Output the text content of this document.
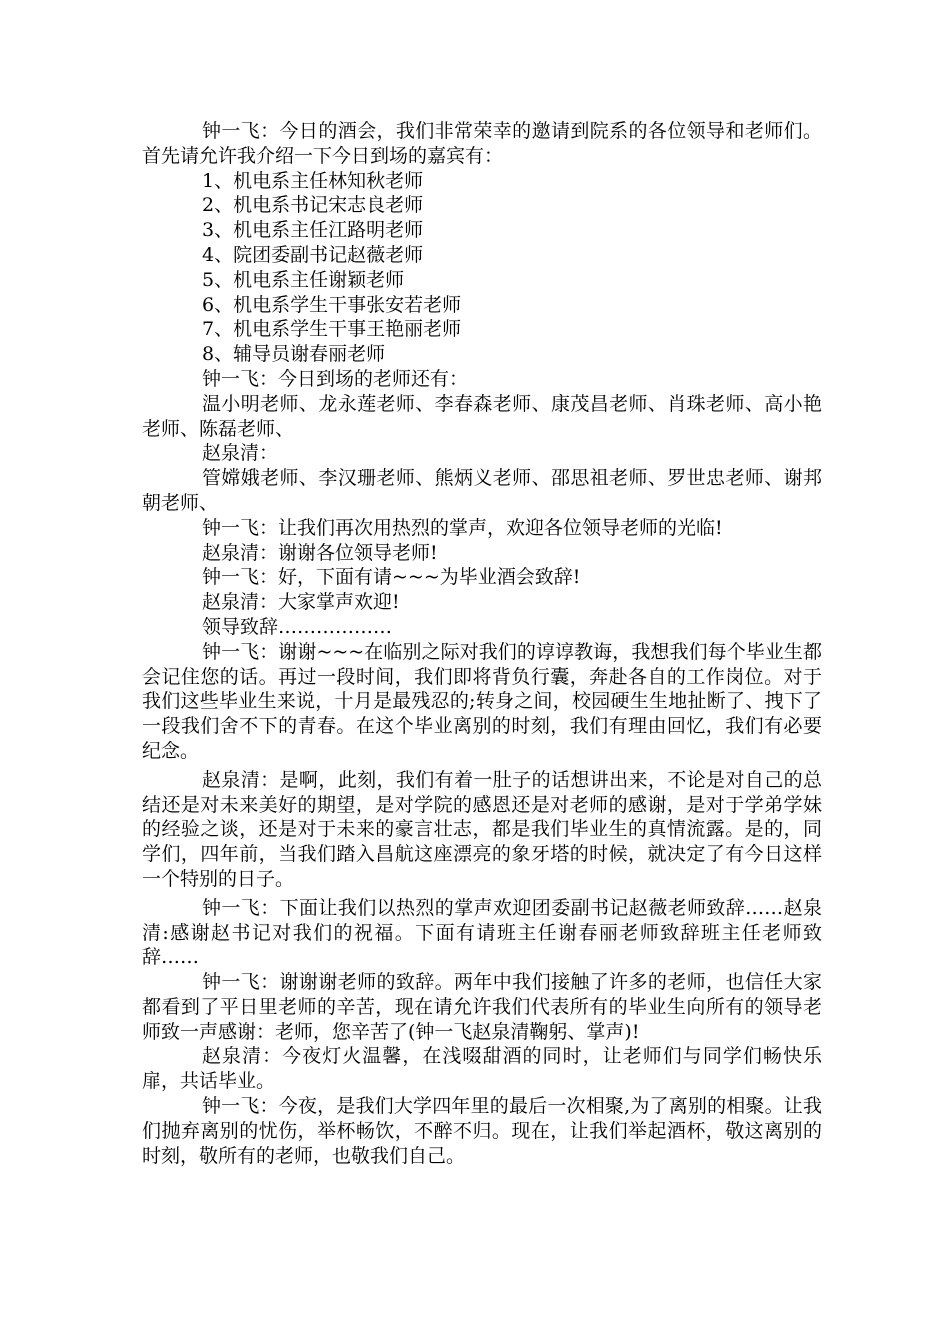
钟一飞：今日的酒会，我们非常荣幸的邀请到院系的各位领导和老师们。首先请允许我介绍一下今日到场的嘉宾有：

1、机电系主任林知秋老师

2、机电系书记宋志良老师

3、机电系主任江路明老师

4、院团委副书记赵薇老师

5、机电系主任谢颖老师

6、机电系学生干事张安若老师

7、机电系学生干事王艳丽老师

8、辅导员谢春丽老师

钟一飞：今日到场的老师还有：

温小明老师、龙永莲老师、李春森老师、康茂昌老师、肖珠老师、高小艳老师、陈磊老师、

赵泉清：

管嫦娥老师、李汉珊老师、熊炳义老师、邵思祖老师、罗世忠老师、谢邦朝老师、

钟一飞：让我们再次用热烈的掌声，欢迎各位领导老师的光临!

赵泉清：谢谢各位领导老师!

钟一飞：好，下面有请~~~为毕业酒会致辞!

赵泉清：大家掌声欢迎!

领导致辞………………

钟一飞：谢谢~~~在临别之际对我们的谆谆教诲，我想我们每个毕业生都会记住您的话。再过一段时间，我们即将背负行囊，奔赴各自的工作岗位。对于我们这些毕业生来说，十月是最残忍的;转身之间，校园硬生生地扯断了、拽下了一段我们舍不下的青春。在这个毕业离别的时刻，我们有理由回忆，我们有必要纪念。

赵泉清：是啊，此刻，我们有着一肚子的话想讲出来，不论是对自己的总结还是对未来美好的期望，是对学院的感恩还是对老师的感谢，是对于学弟学妹的经验之谈，还是对于未来的豪言壮志，都是我们毕业生的真情流露。是的，同学们，四年前，当我们踏入昌航这座漂亮的象牙塔的时候，就决定了有今日这样一个特别的日子。

钟一飞：下面让我们以热烈的掌声欢迎团委副书记赵薇老师致辞……赵泉清:感谢赵书记对我们的祝福。下面有请班主任谢春丽老师致辞班主任老师致辞……

钟一飞：谢谢谢老师的致辞。两年中我们接触了许多的老师，也信任大家都看到了平日里老师的辛苦，现在请允许我们代表所有的毕业生向所有的领导老师致一声感谢：老师，您辛苦了(钟一飞赵泉清鞠躬、掌声)!

赵泉清：今夜灯火温馨，在浅啜甜酒的同时，让老师们与同学们畅快乐扉，共话毕业。

钟一飞：今夜，是我们大学四年里的最后一次相聚,为了离别的相聚。让我们抛弃离别的忧伤，举杯畅饮，不醉不归。现在，让我们举起酒杯，敬这离别的时刻，敬所有的老师，也敬我们自己。
